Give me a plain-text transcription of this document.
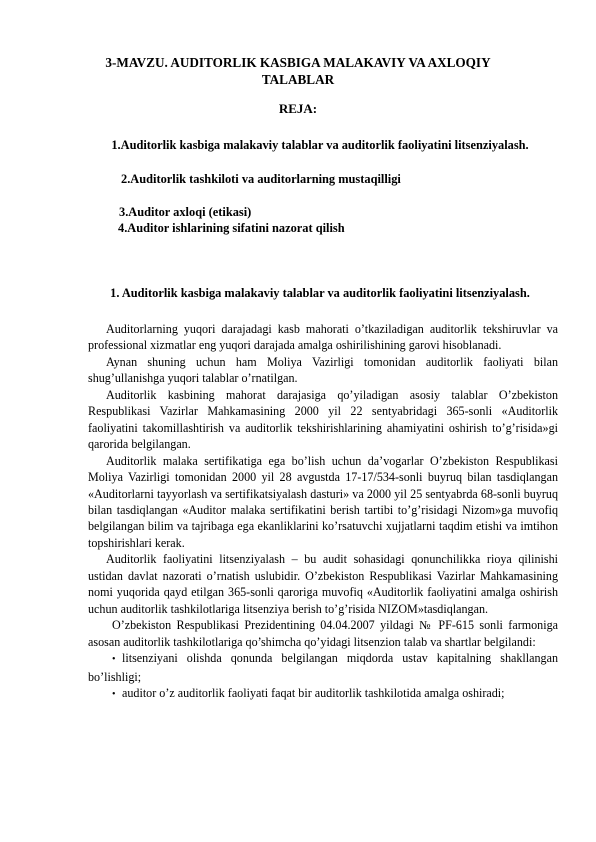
3-MAVZU. AUDITORLIK KASBIGA MALAKAVIY VA AXLOQIY TALABLAR
REJA:
1.Auditorlik kasbiga malakaviy talablar va auditorlik faoliyatini litsenziyalash.
2.Auditorlik tashkiloti va auditorlarning mustaqilligi
3.Auditor axloqi (etikasi)
4.Auditor ishlarining sifatini nazorat qilish
1. Auditorlik kasbiga malakaviy talablar va auditorlik faoliyatini litsenziyalash.

Auditorlarning yuqori darajadagi kasb mahorati o’tkaziladigan auditorlik tekshiruvlar va professional xizmatlar eng yuqori darajada amalga oshirilishining garovi hisoblanadi.

Aynan shuning uchun ham Moliya Vazirligi tomonidan auditorlik faoliyati bilan shug’ullanishga yuqori talablar o’rnatilgan.

Auditorlik kasbining mahorat darajasiga qo’yiladigan asosiy talablar O’zbekiston Respublikasi Vazirlar Mahkamasining 2000 yil 22 sentyabridagi 365-sonli «Auditorlik faoliyatini takomillashtirish va auditorlik tekshirishlarining ahamiyatini oshirish to’g’risida»gi qarorida belgilangan.

Auditorlik malaka sertifikatiga ega bo’lish uchun da’vogarlar O’zbekiston Respublikasi Moliya Vazirligi tomonidan 2000 yil 28 avgustda 17-17/534-sonli buyruq bilan tasdiqlangan «Auditorlarni tayyorlash va sertifikatsiyalash dasturi» va 2000 yil 25 sentyabrda 68-sonli buyruq bilan tasdiqlangan «Auditor malaka sertifikatini berish tartibi to’g’risidagi Nizom»ga muvofiq belgilangan bilim va tajribaga ega ekanliklarini ko’rsatuvchi xujjatlarni taqdim etishi va imtihon topshirishlari kerak.

Auditorlik faoliyatini litsenziyalash – bu audit sohasidagi qonunchilikka rioya qilinishi ustidan davlat nazorati o’rnatish uslubidir. O’zbekiston Respublikasi Vazirlar Mahkamasining nomi yuqorida qayd etilgan 365-sonli qaroriga muvofiq «Auditorlik faoliyatini amalga oshirish uchun auditorlik tashkilotlariga litsenziya berish to’g’risida NIZOM»tasdiqlangan.

O’zbekiston Respublikasi Prezidentining 04.04.2007 yildagi № PF-615 sonli farmoniga asosan auditorlik tashkilotlariga qo’shimcha qo’yidagi litsenzion talab va shartlar belgilandi:

• litsenziyani olishda qonunda belgilangan miqdorda ustav kapitalning shakllangan bo’lishligi;

• auditor o’z auditorlik faoliyati faqat bir auditorlik tashkilotida amalga oshiradi;
